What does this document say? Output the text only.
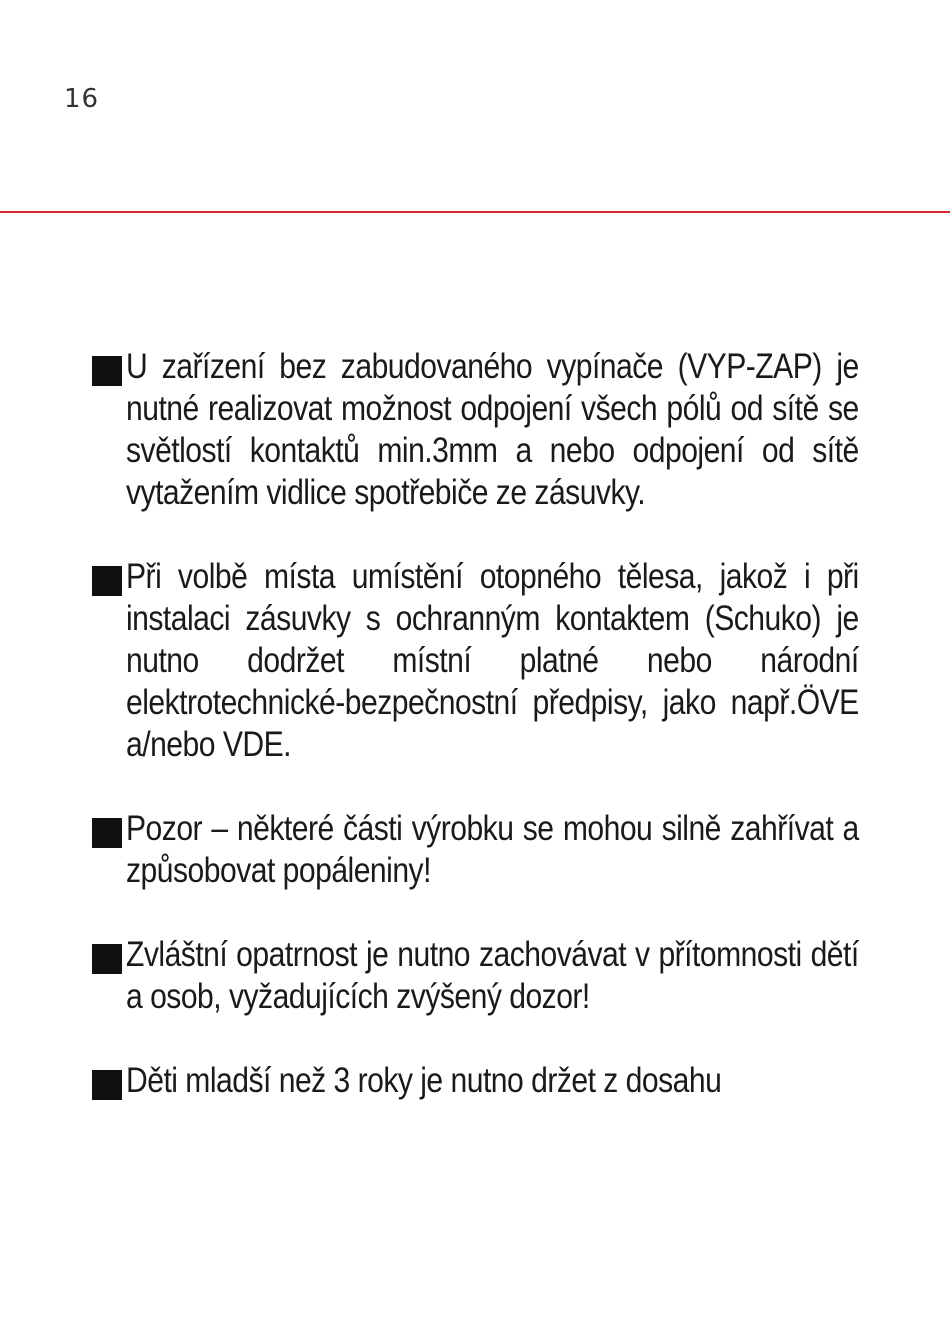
16
U zařízení bez zabudovaného vypínače (VYP-ZAP) je nutné realizovat možnost odpojení všech pólů od sítě se světlostí kontaktů min.3mm a nebo odpojení od sítě vytažením vidlice spotřebiče ze zásuvky.
Při volbě místa umístění otopného tělesa, jakož i při instalaci zásuvky s ochranným kontaktem (Schuko) je nutno dodržet místní platné nebo národní elektrotechnické-bezpečnostní předpisy, jako např.ÖVE a/nebo VDE.
Pozor – některé části výrobku se mohou silně zahřívat a způsobovat popáleniny!
Zvláštní opatrnost je nutno zachovávat v přítomnosti dětí a osob, vyžadujících zvýšený dozor!
Děti mladší než 3 roky je nutno držet z dosahu
